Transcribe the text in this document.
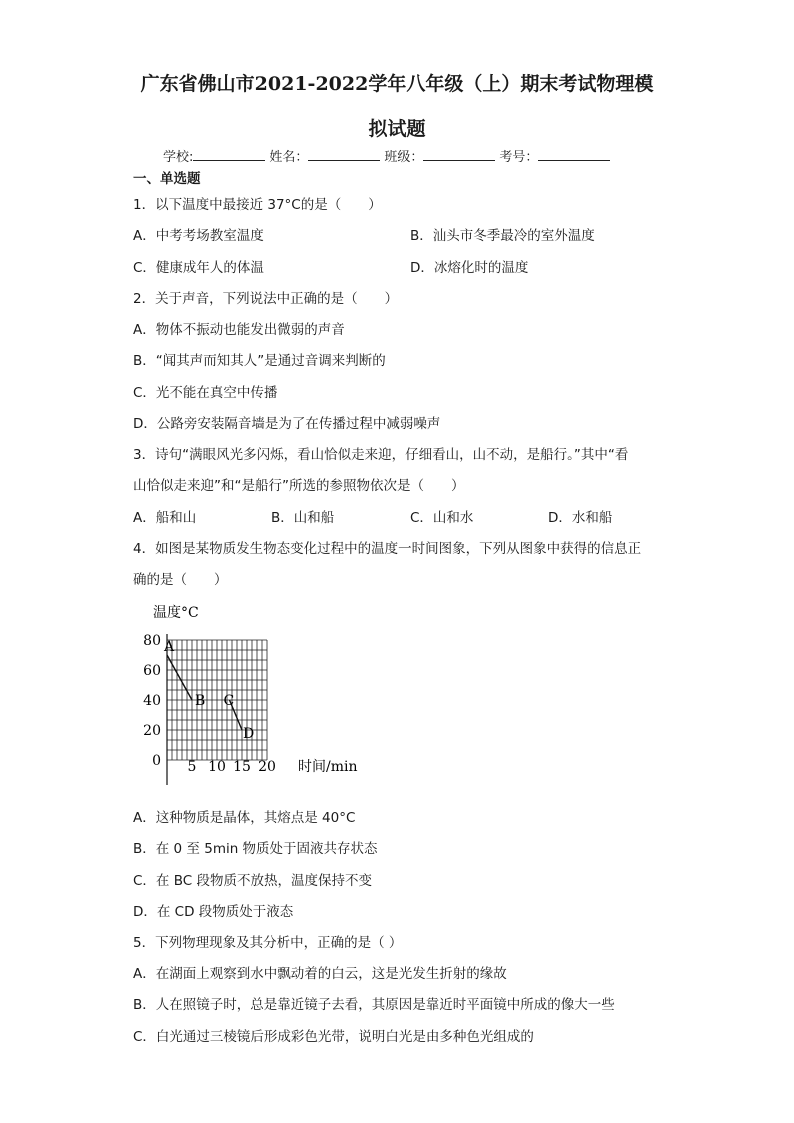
广东省佛山市2021-2022学年八年级（上）期末考试物理模
拟试题
学校:	姓名：	班级：	考号：
一、单选题
1．以下温度中最接近 37°C的是（　　）
A．中考考场教室温度	B．汕头市冬季最冷的室外温度
C．健康成年人的体温	D．冰熔化时的温度
2．关于声音，下列说法中正确的是（　　）
A．物体不振动也能发出微弱的声音
B．“闻其声而知其人”是通过音调来判断的
C．光不能在真空中传播
D．公路旁安装隔音墙是为了在传播过程中减弱噪声
3．诗句“满眼风光多闪烁，看山恰似走来迎，仔细看山，山不动，是船行。”其中“看
山恰似走来迎”和“是船行”所选的参照物依次是（　　）
A．船和山	B．山和船	C．山和水	D．水和船
4．如图是某物质发生物态变化过程中的温度一时间图象，下列从图象中获得的信息正
确的是（　　）
温度°C
0
20
40
60
80
5 10 15 20
A
B C
D
时间/min
A．这种物质是晶体，其熔点是 40°C
B．在 0 至 5min 物质处于固液共存状态
C．在 BC 段物质不放热，温度保持不变
D．在 CD 段物质处于液态
5．下列物理现象及其分析中，正确的是（ ）
A．在湖面上观察到水中飘动着的白云，这是光发生折射的缘故
B．人在照镜子时，总是靠近镜子去看，其原因是靠近时平面镜中所成的像大一些
C．白光通过三棱镜后形成彩色光带，说明白光是由多种色光组成的
